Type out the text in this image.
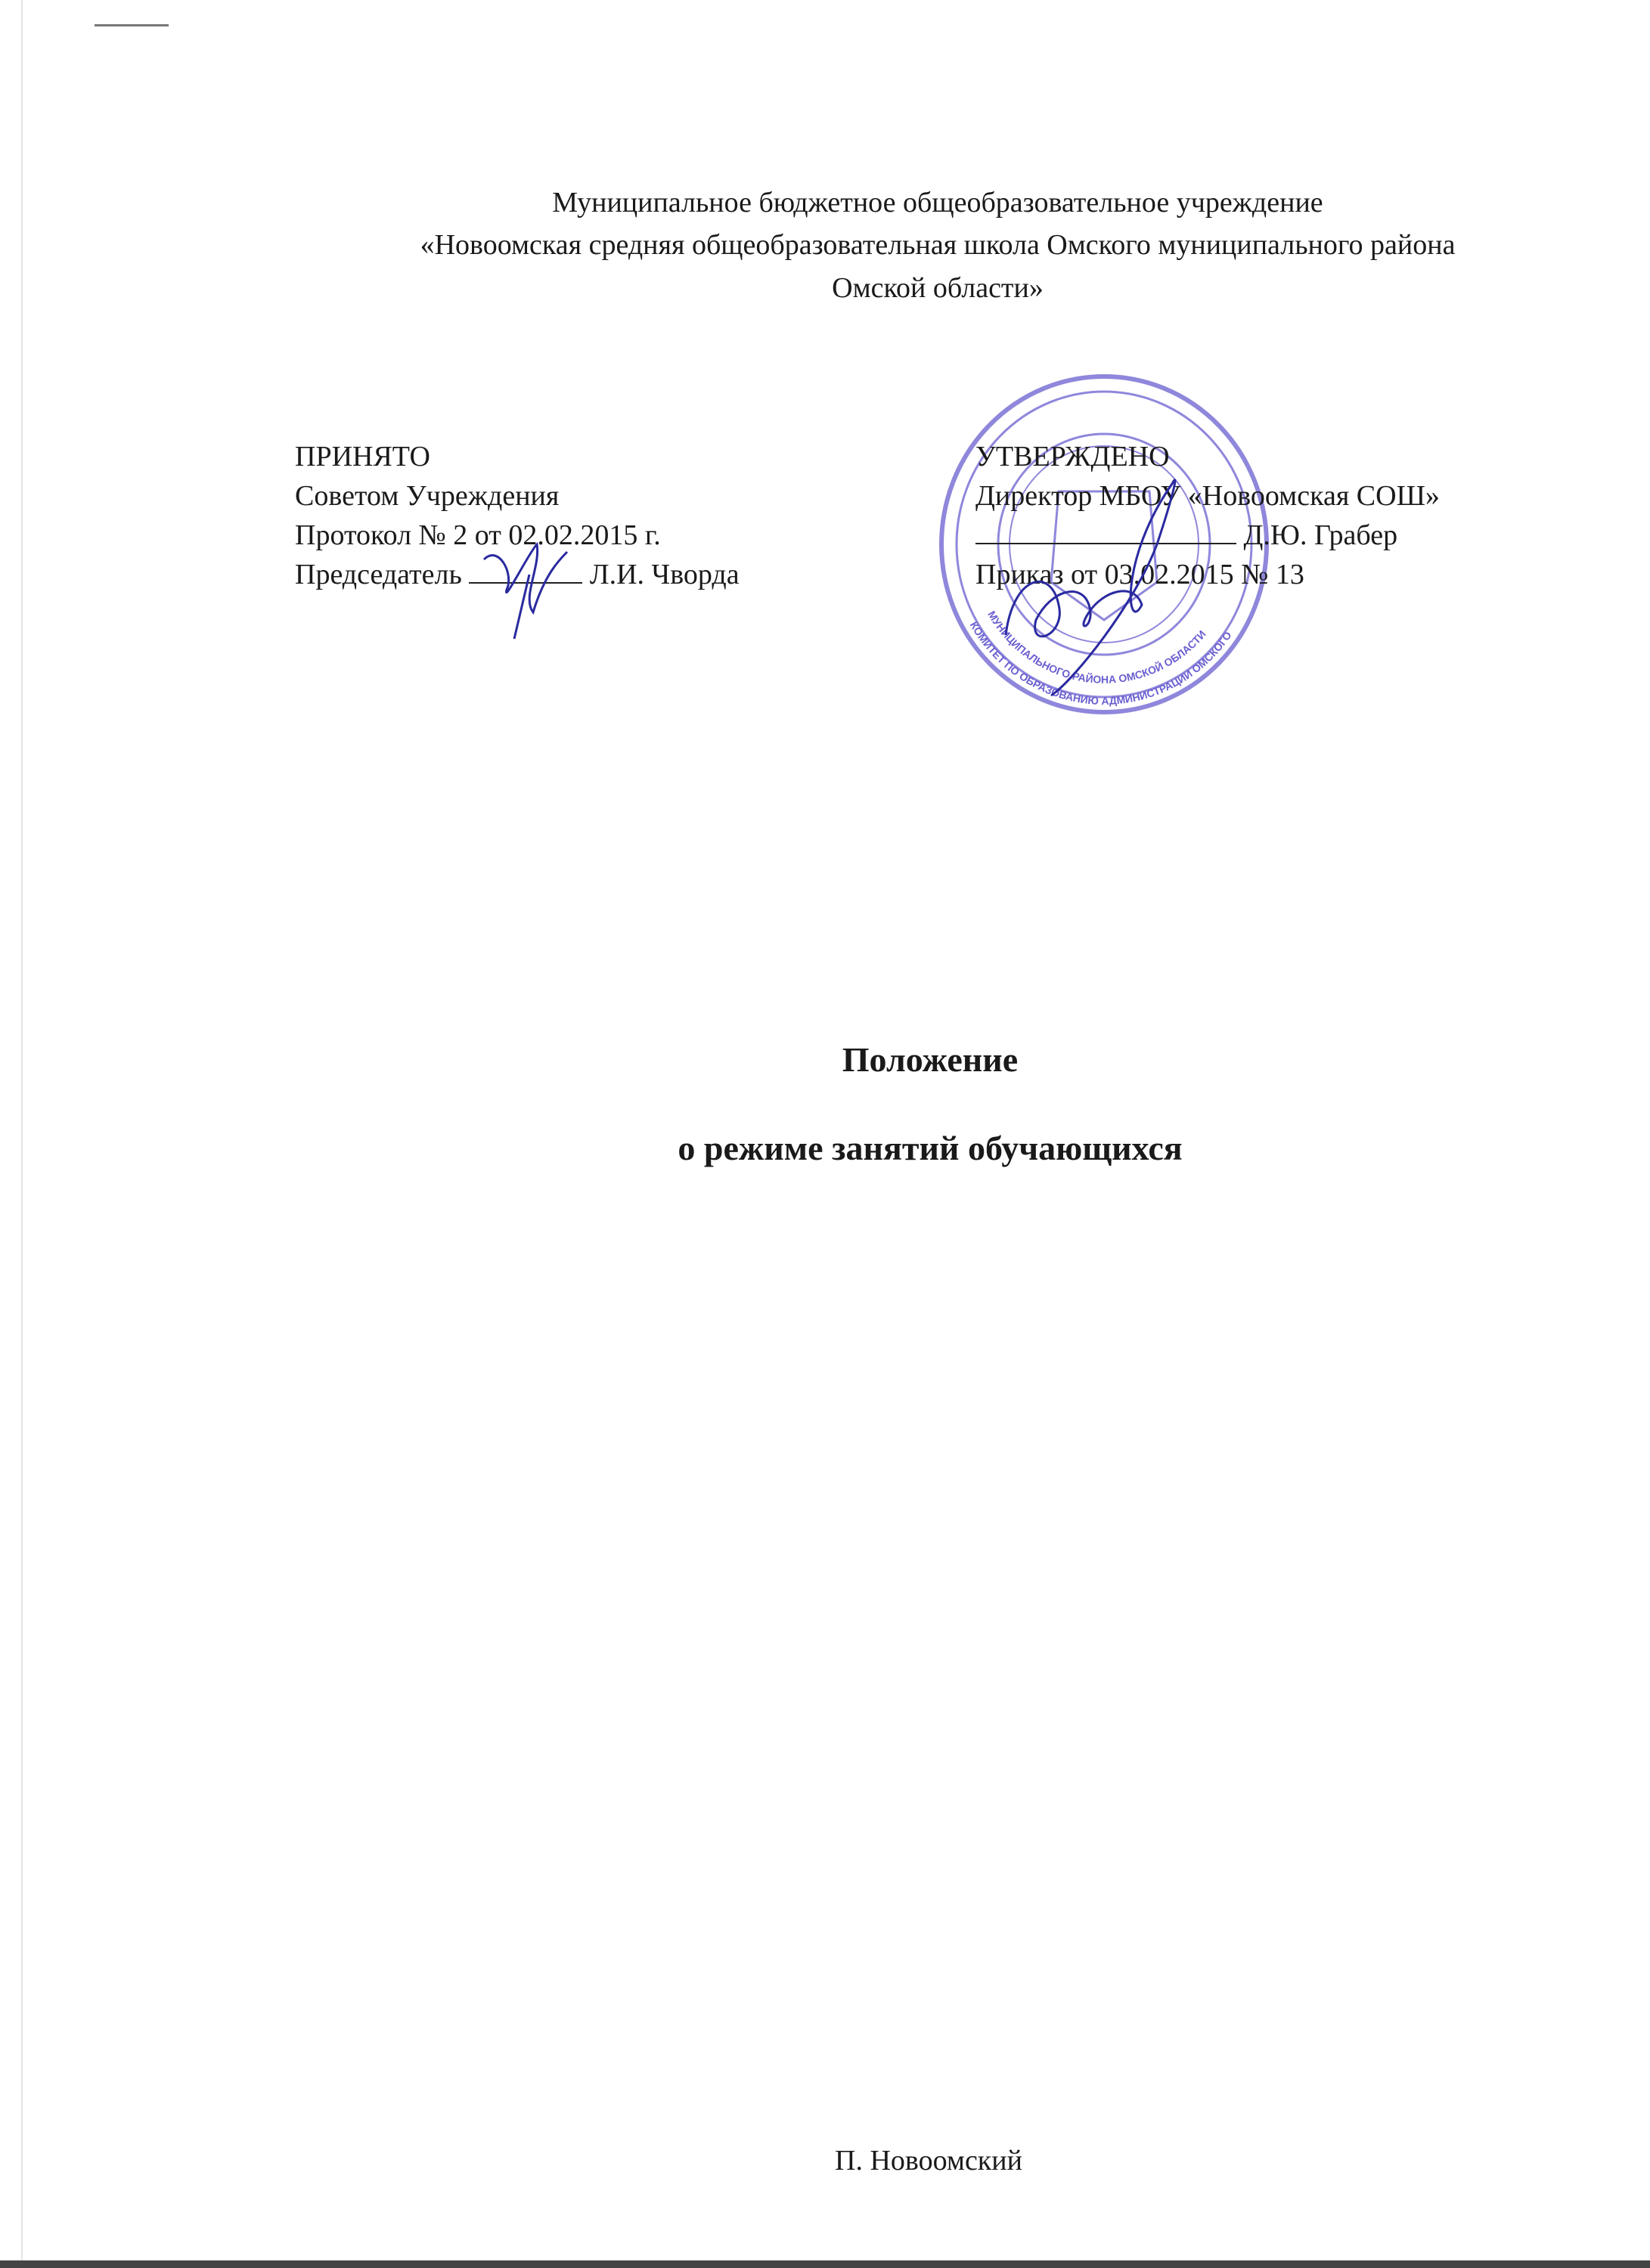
Муниципальное бюджетное общеобразовательное учреждение
«Новоомская средняя общеобразовательная школа Омского муниципального района
Омской области»
КОМИТЕТ ПО ОБРАЗОВАНИЮ АДМИНИСТРАЦИИ ОМСКОГО
МУНИЦИПАЛЬНОГО РАЙОНА ОМСКОЙ ОБЛАСТИ
ПРИНЯТО
Советом Учреждения
Протокол № 2 от 02.02.2015 г.
Председатель	Л.И. Чворда
УТВЕРЖДЕНО
Директор МБОУ «Новоомская СОШ»
Д.Ю. Грабер
Приказ от 03.02.2015 № 13
Положение
о режиме занятий обучающихся
П. Новоомский
